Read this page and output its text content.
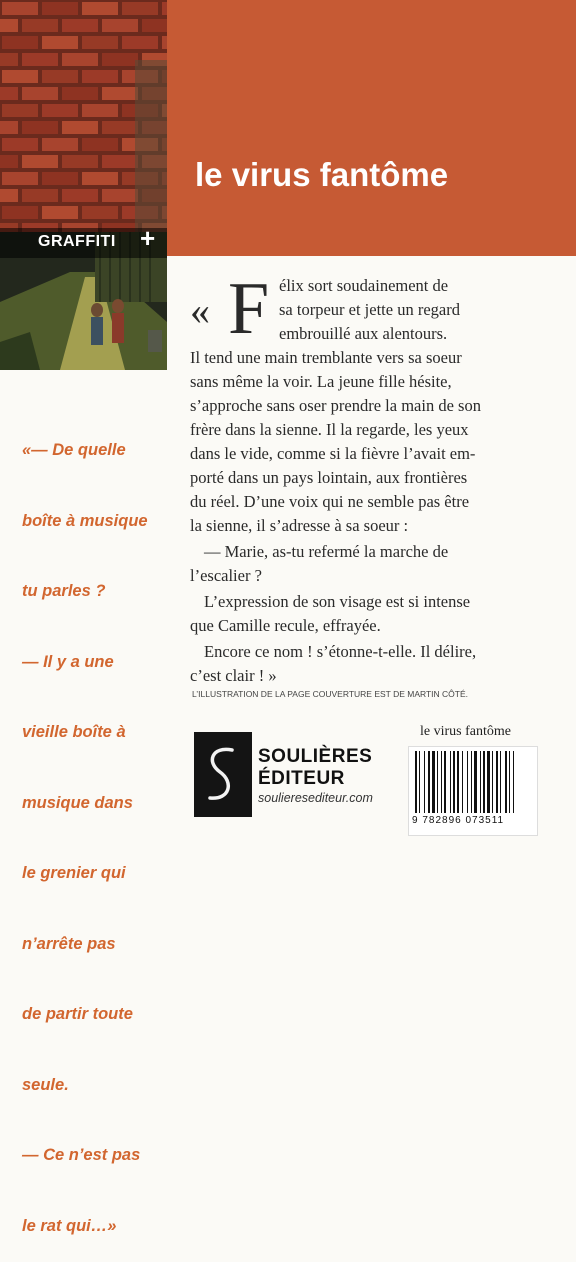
GRAFFITI +
le virus fantôme

«— De quelle

boîte à musique

tu parles ?

— Il y a une

vieille boîte à

musique dans

le grenier qui

n’arrête pas

de partir toute

seule.

— Ce n’est pas

le rat qui…»

« F élix sort soudainement de
sa torpeur et jette un regard
embrouillé aux alentours.
Il tend une main tremblante vers sa soeur
sans même la voir. La jeune fille hésite,
s’approche sans oser prendre la main de son
frère dans la sienne. Il la regarde, les yeux
dans le vide, comme si la fièvre l’avait em-
porté dans un pays lointain, aux frontières
du réel. D’une voix qui ne semble pas être
la sienne, il s’adresse à sa soeur :
— Marie, as-tu refermé la marche de
l’escalier ?
L’expression de son visage est si intense
que Camille recule, effrayée.
Encore ce nom ! s’étonne-t-elle. Il délire,
c’est clair ! »
L’ILLUSTRATION DE LA PAGE COUVERTURE EST DE MARTIN CÔTÉ.
SOULIÈRES
ÉDITEUR
soulieresediteur.com
le virus fantôme
9 782896 073511
